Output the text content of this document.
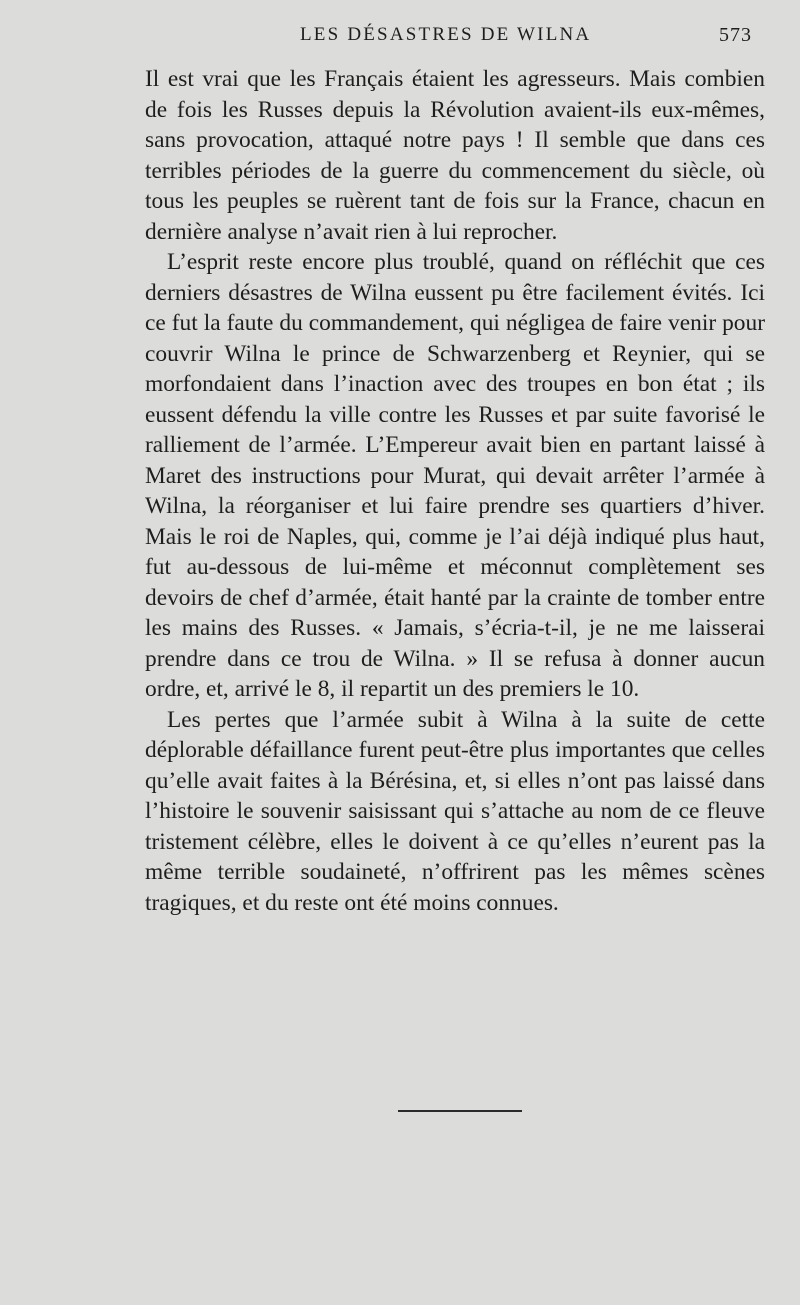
LES DÉSASTRES DE WILNA	573

Il est vrai que les Français étaient les agresseurs. Mais combien de fois les Russes depuis la Révolution avaient-ils eux-mêmes, sans provocation, attaqué notre pays ! Il semble que dans ces terribles périodes de la guerre du commencement du siècle, où tous les peuples se ruèrent tant de fois sur la France, chacun en dernière analyse n’avait rien à lui reprocher.

L’esprit reste encore plus troublé, quand on réfléchit que ces derniers désastres de Wilna eussent pu être facilement évités. Ici ce fut la faute du commandement, qui négligea de faire venir pour couvrir Wilna le prince de Schwarzenberg et Reynier, qui se morfondaient dans l’inaction avec des troupes en bon état ; ils eussent défendu la ville contre les Russes et par suite favorisé le ralliement de l’armée. L’Empereur avait bien en partant laissé à Maret des instructions pour Murat, qui devait arrêter l’armée à Wilna, la réorganiser et lui faire prendre ses quartiers d’hiver. Mais le roi de Naples, qui, comme je l’ai déjà indiqué plus haut, fut au-dessous de lui-même et méconnut complètement ses devoirs de chef d’armée, était hanté par la crainte de tomber entre les mains des Russes. « Jamais, s’écria-t-il, je ne me laisserai prendre dans ce trou de Wilna. » Il se refusa à donner aucun ordre, et, arrivé le 8, il repartit un des premiers le 10.

Les pertes que l’armée subit à Wilna à la suite de cette déplorable défaillance furent peut-être plus importantes que celles qu’elle avait faites à la Bérésina, et, si elles n’ont pas laissé dans l’histoire le souvenir saisissant qui s’attache au nom de ce fleuve tristement célèbre, elles le doivent à ce qu’elles n’eurent pas la même terrible soudaineté, n’offrirent pas les mêmes scènes tragiques, et du reste ont été moins connues.
